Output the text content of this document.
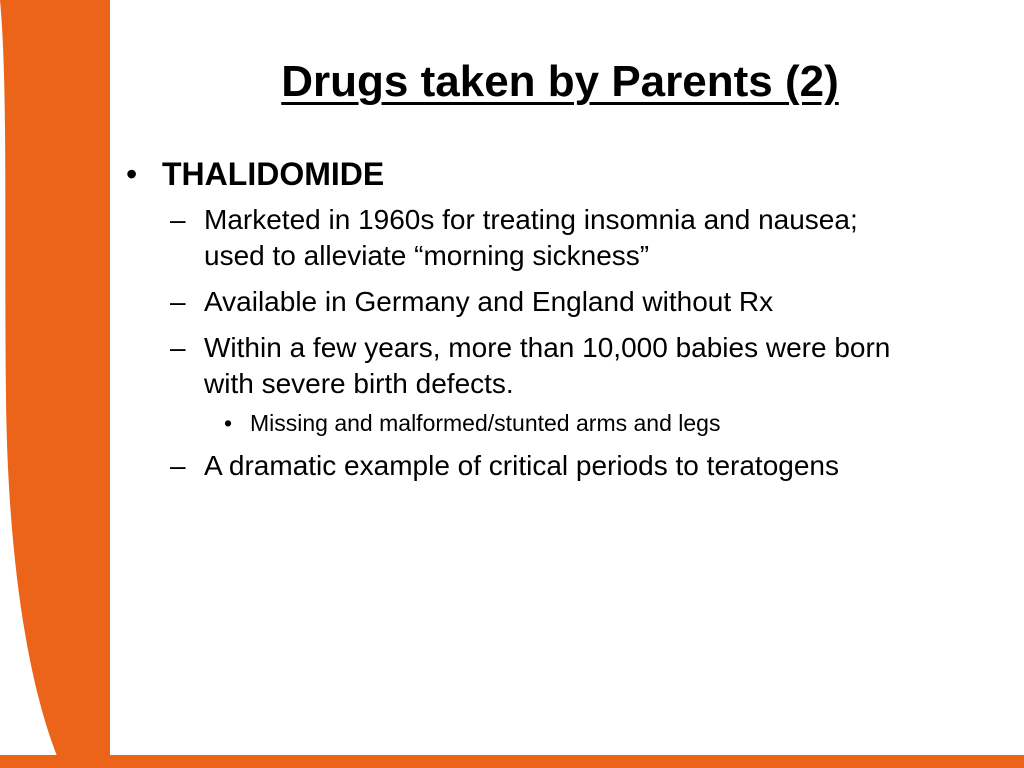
Drugs taken by Parents (2)
• THALIDOMIDE
– Marketed in 1960s for treating insomnia and nausea; used to alleviate “morning sickness”
– Available in Germany and England without Rx
– Within a few years, more than 10,000 babies were born with severe birth defects.
• Missing and malformed/stunted arms and legs
– A dramatic example of critical periods to teratogens
